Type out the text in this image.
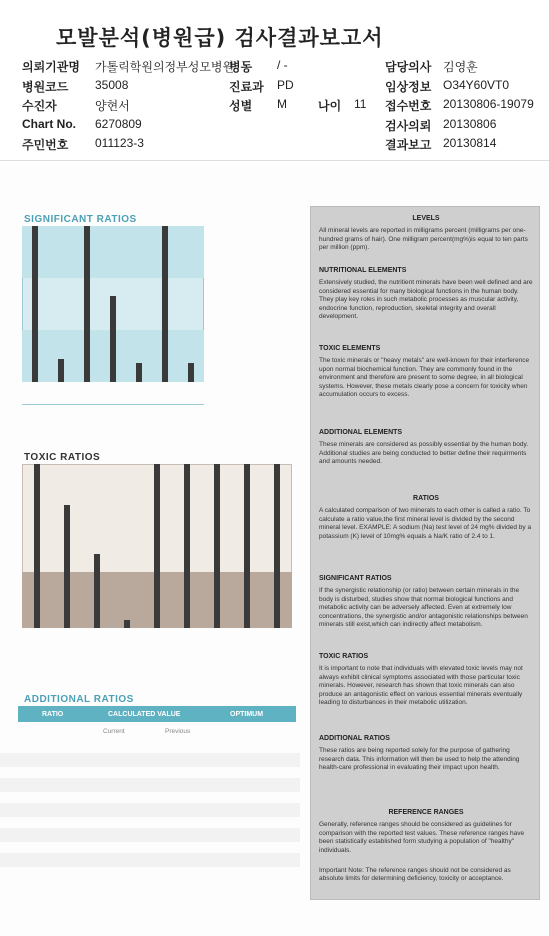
모발분석(병원급) 검사결과보고서
의뢰기관명 가톨릭학원의정부성모병원
병원코드 35008
수진자	양현서
Chart No. 6270809
주민번호 011123-3
병동 / -
진료과 PD
성별 M	나이 11
담당의사 김영훈
임상정보 O34Y60VT0
접수번호 20130806-19079
검사의뢰 20130806
결과보고 20130814
SIGNIFICANT RATIOS
TOXIC RATIOS
ADDITIONAL RATIOS
RATIO	CALCULATED VALUE	OPTIMUM
Current	Previous
LEVELS
All mineral levels are reported in milligrams percent (milligrams per one-hundred grams of hair). One milligram percent(mg%)is equal to ten parts per million (ppm).
NUTRITIONAL ELEMENTS
Extensively studied, the nutritient minerals have been well defined and are considered essential for many biological functions in the human body. They play key roles in such metabolic processes as muscular activity, endocrine function, reproduction, skeletal integrity and overall development.
TOXIC ELEMENTS
The toxic minerals or "heavy metals" are well-known for their interference upon normal biochemical function. They are commonly found in the environment and therefore are present to some degree, in all biological systems. However, these metals clearly pose a concern for toxicity when accumulation occurs to excess.
ADDITIONAL ELEMENTS
These minerals are considered as possibly essential by the human body. Additional studies are being conducted to better define their requirments and amounts needed.
RATIOS
A calculated comparison of two minerals to each other is called a ratio. To calculate a ratio value,the first mineral level is divided by the second mineral level. EXAMPLE: A sodium (Na) test level of 24 mg% divided by a potassium (K) level of 10mg% equals a Na/K ratio of 2.4 to 1.
SIGNIFICANT RATIOS
If the synergistic relationship (or ratio) between certain minerals in the body is disturbed, studies show that normal biological functions and metabolic activity can be adversely affected. Even at extremely low concentrations, the synergistic and/or antagonistic relationships between minerals still exist,which can indirectly affect metabolism.
TOXIC RATIOS
It is important to note that individuals with elevated toxic levels may not always exhibit clinical symptoms associated with those particular toxic minerals. However, research has shown that toxic minerals can also produce an antagonistic effect on various essential minerals eventually leading to disturbances in their metabolic utilization.
ADDITIONAL RATIOS
These ratios are being reported solely for the purpose of gathering research data. This information will then be used to help the attending health-care professional in evaluating their impact upon health.
REFERENCE RANGES
Generally, reference ranges should be considered as guidelines for comparison with the reported test values. These reference ranges have been statistically established form studying a population of "healthy" individuals.
Important Note: The reference ranges should not be considered as absolute limits for determining deficiency, toxicity or acceptance.
